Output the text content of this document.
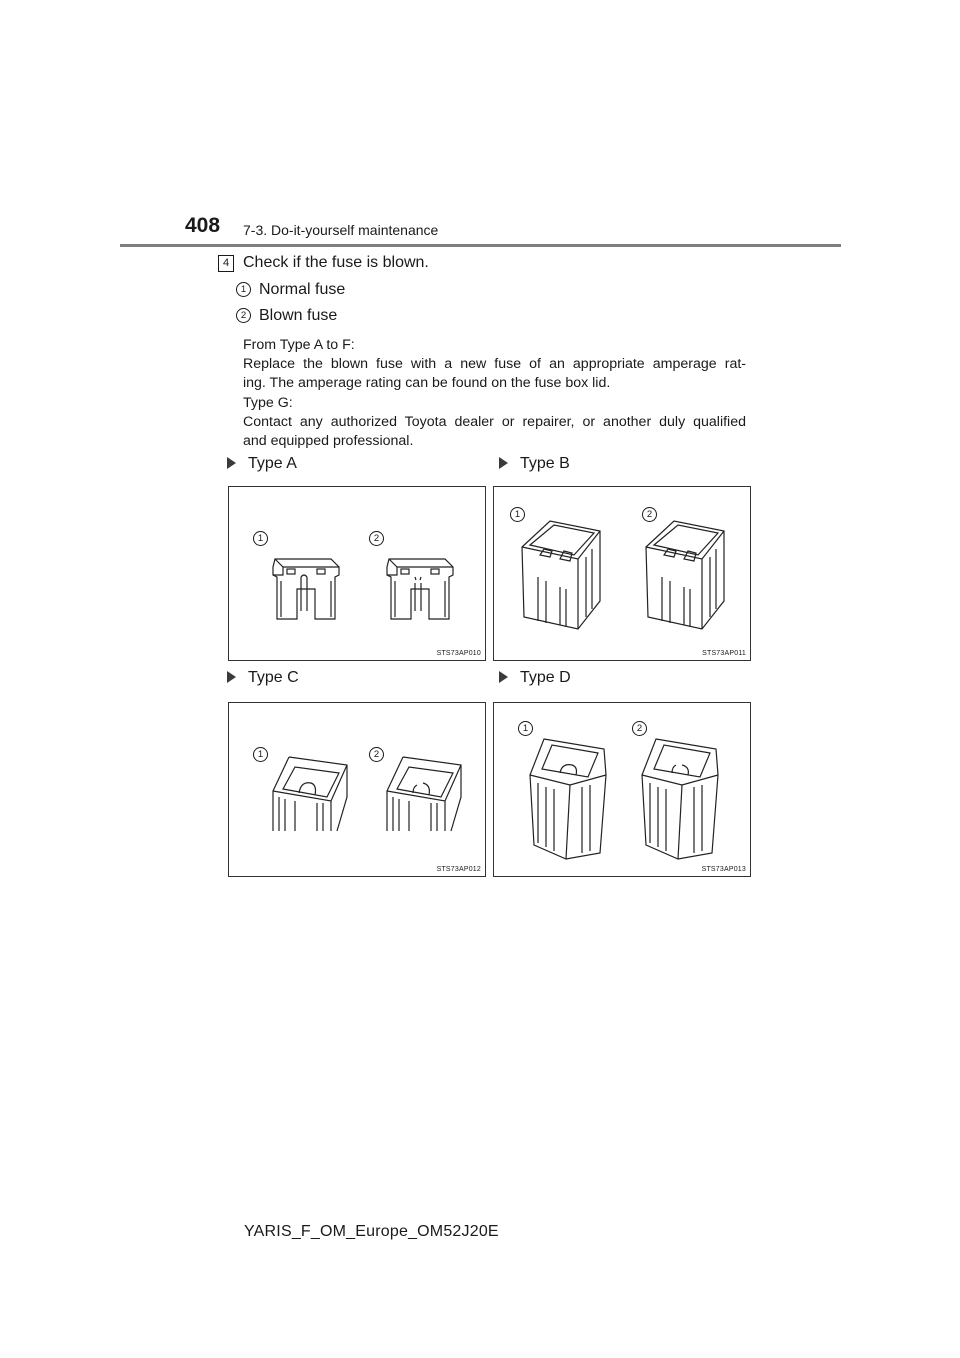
408 7-3. Do-it-yourself maintenance
4 Check if the fuse is blown.
1 Normal fuse
2 Blown fuse
From Type A to F:
Replace the blown fuse with a new fuse of an appropriate amperage rat-
ing. The amperage rating can be found on the fuse box lid.
Type G:
Contact any authorized Toyota dealer or repairer, or another duly qualified
and equipped professional.
Type A	Type B
Type C	Type D
1	2
STS73AP010
1	2
STS73AP011
1	2
STS73AP012
1	2
STS73AP013
YARIS_F_OM_Europe_OM52J20E
